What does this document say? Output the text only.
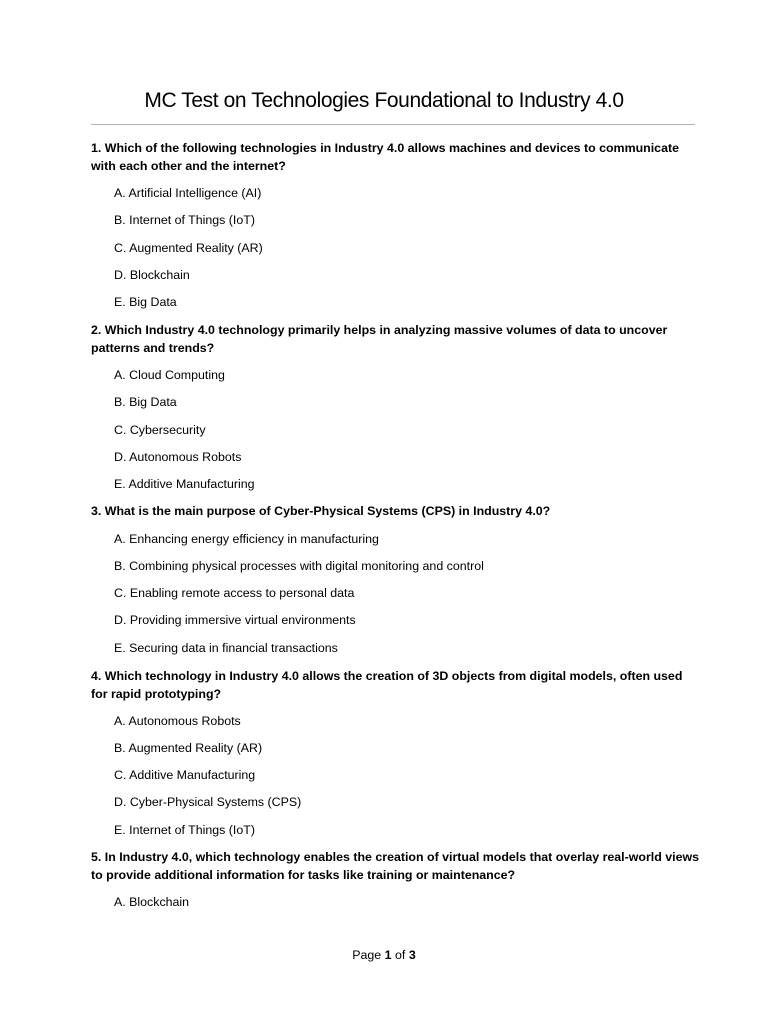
MC Test on Technologies Foundational to Industry 4.0
1. Which of the following technologies in Industry 4.0 allows machines and devices to communicate with each other and the internet?
A. Artificial Intelligence (AI)
B. Internet of Things (IoT)
C. Augmented Reality (AR)
D. Blockchain
E. Big Data
2. Which Industry 4.0 technology primarily helps in analyzing massive volumes of data to uncover patterns and trends?
A. Cloud Computing
B. Big Data
C. Cybersecurity
D. Autonomous Robots
E. Additive Manufacturing
3. What is the main purpose of Cyber-Physical Systems (CPS) in Industry 4.0?
A. Enhancing energy efficiency in manufacturing
B. Combining physical processes with digital monitoring and control
C. Enabling remote access to personal data
D. Providing immersive virtual environments
E. Securing data in financial transactions
4. Which technology in Industry 4.0 allows the creation of 3D objects from digital models, often used for rapid prototyping?
A. Autonomous Robots
B. Augmented Reality (AR)
C. Additive Manufacturing
D. Cyber-Physical Systems (CPS)
E. Internet of Things (IoT)
5. In Industry 4.0, which technology enables the creation of virtual models that overlay real-world views to provide additional information for tasks like training or maintenance?
A. Blockchain
Page 1 of 3
